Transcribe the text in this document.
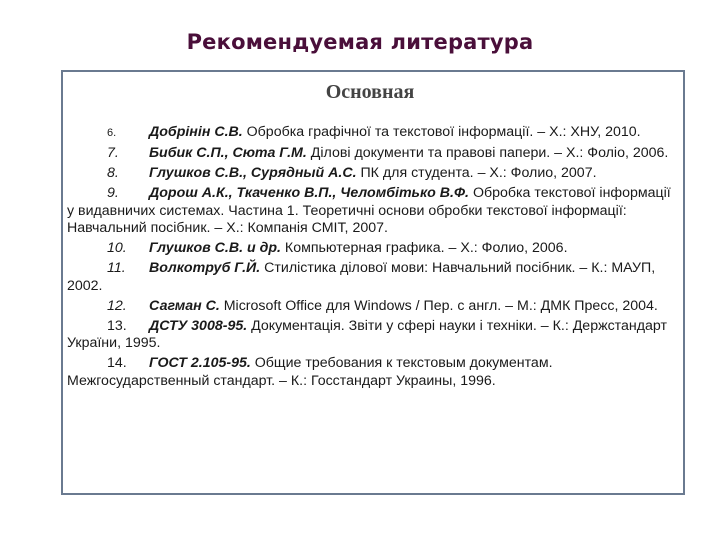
Рекомендуемая литература
Основная
6. Добрінін С.В. Обробка графічної та текстової інформації. – Х.: ХНУ, 2010.
7. Бибик С.П., Сюта Г.М. Ділові документи та правові папери. – Х.: Фоліо, 2006.
8. Глушков С.В., Сурядный А.С. ПК для студента. – Х.: Фолио, 2007.
9. Дорош А.К., Ткаченко В.П., Челомбітько В.Ф. Обробка текстової інформації у видавничих системах. Частина 1. Теоретичні основи обробки текстової інформації: Навчальний посібник. – Х.: Компанія СМІТ, 2007.
10. Глушков С.В. и др. Компьютерная графика. – Х.: Фолио, 2006.
11. Волкотруб Г.Й. Стилістика ділової мови: Навчальний посібник. – К.: МАУП, 2002.
12. Сагман С. Microsoft Office для Windows / Пер. с англ. – М.: ДМК Пресс, 2004.
13. ДСТУ 3008-95. Документація. Звіти у сфері науки і техніки. – К.: Держстандарт України, 1995.
14. ГОСТ 2.105-95. Общие требования к текстовым документам. Межгосударственный стандарт. – К.: Госстандарт Украины, 1996.
